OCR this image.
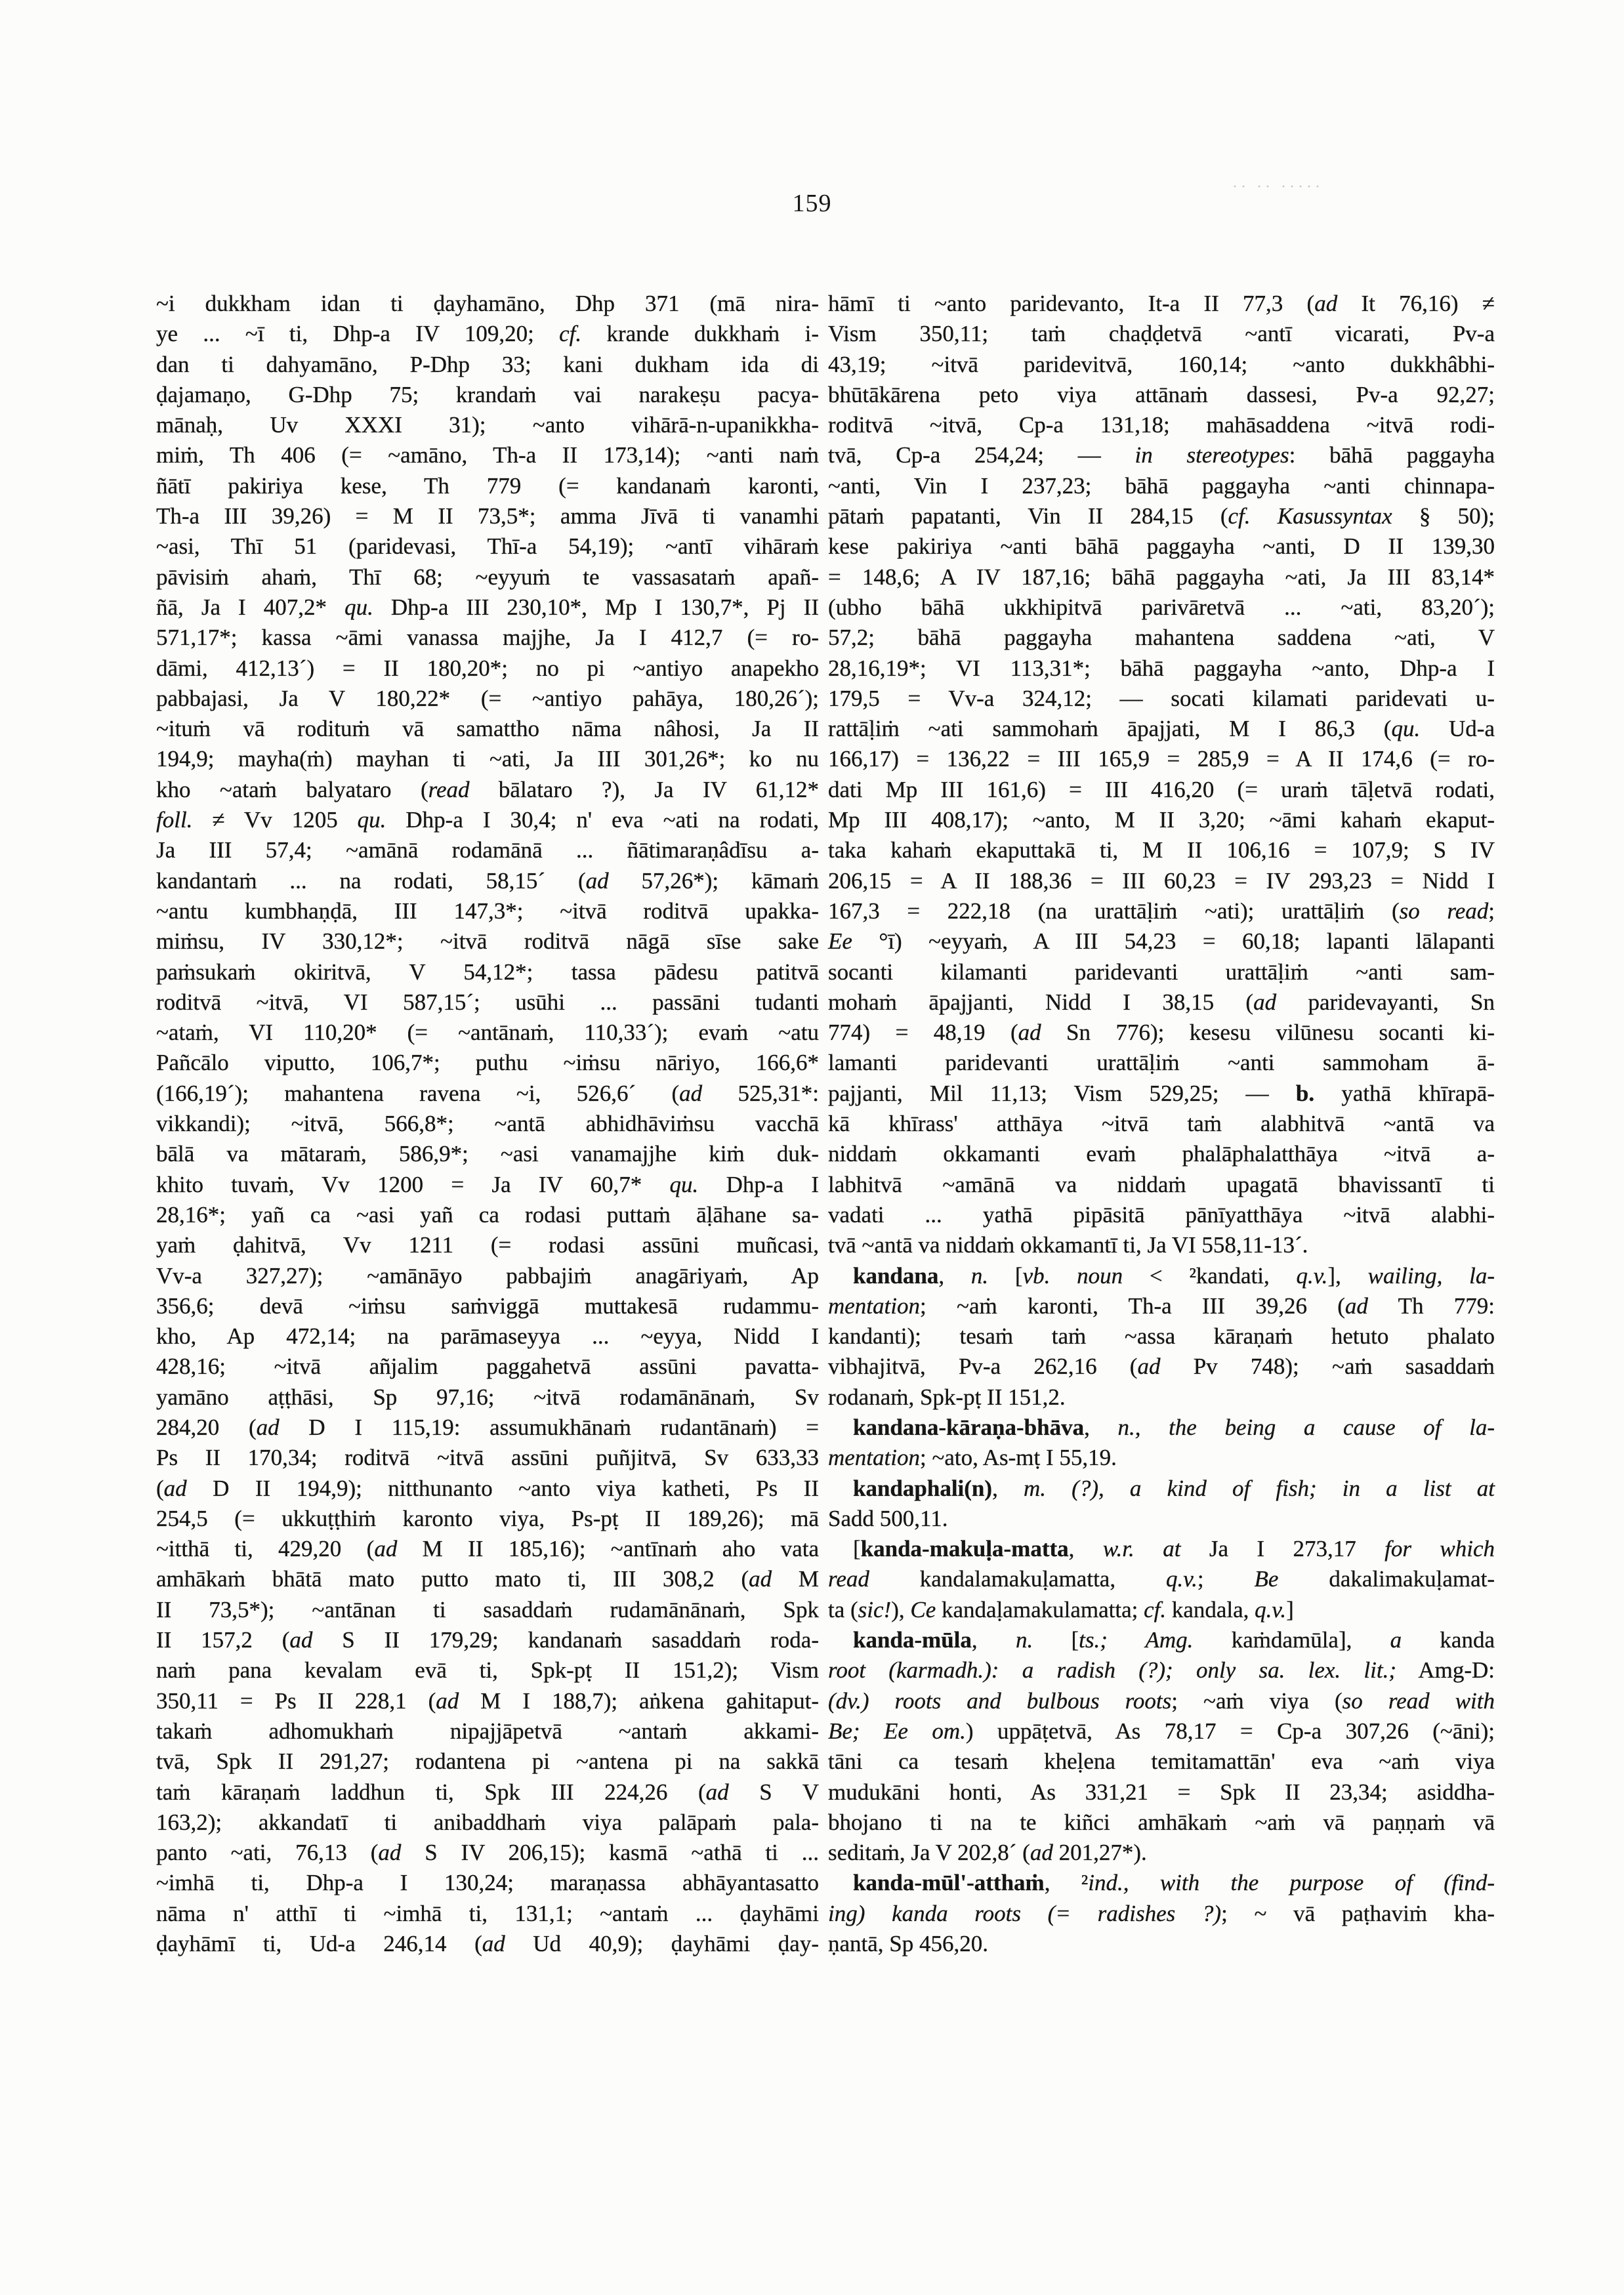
159
·· ·· ·····
~i dukkham idan ti ḍayhamāno, Dhp 371 (mā nira-
ye ... ~ī ti, Dhp-a IV 109,20; cf. krande dukkhaṁ i-
dan ti dahyamāno, P-Dhp 33; kani dukham ida di
ḍajamaṇo, G-Dhp 75; krandaṁ vai narakeṣu pacya-
mānaḥ, Uv XXXI 31); ~anto vihārā-n-upanikkha-
miṁ, Th 406 (= ~amāno, Th-a II 173,14); ~anti naṁ
ñātī pakiriya kese, Th 779 (= kandanaṁ karonti,
Th-a III 39,26) = M II 73,5*; amma Jīvā ti vanamhi
~asi, Thī 51 (paridevasi, Thī-a 54,19); ~antī vihāraṁ
pāvisiṁ ahaṁ, Thī 68; ~eyyuṁ te vassasataṁ apañ-
ñā, Ja I 407,2* qu. Dhp-a III 230,10*, Mp I 130,7*, Pj II
571,17*; kassa ~āmi vanassa majjhe, Ja I 412,7 (= ro-
dāmi, 412,13´) = II 180,20*; no pi ~antiyo anapekho
pabbajasi, Ja V 180,22* (= ~antiyo pahāya, 180,26´);
~ituṁ vā rodituṁ vā samattho nāma nâhosi, Ja II
194,9; mayha(ṁ) mayhan ti ~ati, Ja III 301,26*; ko nu
kho ~ataṁ balyataro (read bālataro ?), Ja IV 61,12*
foll. ≠ Vv 1205 qu. Dhp-a I 30,4; n' eva ~ati na rodati,
Ja III 57,4; ~amānā rodamānā ... ñātimaraṇâdīsu a-
kandantaṁ ... na rodati, 58,15´ (ad 57,26*); kāmaṁ
~antu kumbhaṇḍā, III 147,3*; ~itvā roditvā upakka-
miṁsu, IV 330,12*; ~itvā roditvā nāgā sīse sake
paṁsukaṁ okiritvā, V 54,12*; tassa pādesu patitvā
roditvā ~itvā, VI 587,15´; usūhi ... passāni tudanti
~ataṁ, VI 110,20* (= ~antānaṁ, 110,33´); evaṁ ~atu
Pañcālo viputto, 106,7*; puthu ~iṁsu nāriyo, 166,6*
(166,19´); mahantena ravena ~i, 526,6´ (ad 525,31*:
vikkandi); ~itvā, 566,8*; ~antā abhidhāviṁsu vacchā
bālā va mātaraṁ, 586,9*; ~asi vanamajjhe kiṁ duk-
khito tuvaṁ, Vv 1200 = Ja IV 60,7* qu. Dhp-a I
28,16*; yañ ca ~asi yañ ca rodasi puttaṁ āḷāhane sa-
yaṁ ḍahitvā, Vv 1211 (= rodasi assūni muñcasi,
Vv-a 327,27); ~amānāyo pabbajiṁ anagāriyaṁ, Ap
356,6; devā ~iṁsu saṁviggā muttakesā rudammu-
kho, Ap 472,14; na parāmaseyya ... ~eyya, Nidd I
428,16; ~itvā añjalim paggahetvā assūni pavatta-
yamāno aṭṭhāsi, Sp 97,16; ~itvā rodamānānaṁ, Sv
284,20 (ad D I 115,19: assumukhānaṁ rudantānaṁ) =
Ps II 170,34; roditvā ~itvā assūni puñjitvā, Sv 633,33
(ad D II 194,9); nitthunanto ~anto viya katheti, Ps II
254,5 (= ukkuṭṭhiṁ karonto viya, Ps-pṭ II 189,26); mā
~itthā ti, 429,20 (ad M II 185,16); ~antīnaṁ aho vata
amhākaṁ bhātā mato putto mato ti, III 308,2 (ad M
II 73,5*); ~antānan ti sasaddaṁ rudamānānaṁ, Spk
II 157,2 (ad S II 179,29; kandanaṁ sasaddaṁ roda-
naṁ pana kevalam evā ti, Spk-pṭ II 151,2); Vism
350,11 = Ps II 228,1 (ad M I 188,7); aṅkena gahitaput-
takaṁ adhomukhaṁ nipajjāpetvā ~antaṁ akkami-
tvā, Spk II 291,27; rodantena pi ~antena pi na sakkā
taṁ kāraṇaṁ laddhun ti, Spk III 224,26 (ad S V
163,2); akkandatī ti anibaddhaṁ viya palāpaṁ pala-
panto ~ati, 76,13 (ad S IV 206,15); kasmā ~athā ti ...
~imhā ti, Dhp-a I 130,24; maraṇassa abhāyantasatto
nāma n' atthī ti ~imhā ti, 131,1; ~antaṁ ... ḍayhāmi
ḍayhāmī ti, Ud-a 246,14 (ad Ud 40,9); ḍayhāmi ḍay-
hāmī ti ~anto paridevanto, It-a II 77,3 (ad It 76,16) ≠
Vism 350,11; taṁ chaḍḍetvā ~antī vicarati, Pv-a
43,19; ~itvā paridevitvā, 160,14; ~anto dukkhâbhi-
bhūtākārena peto viya attānaṁ dassesi, Pv-a 92,27;
roditvā ~itvā, Cp-a 131,18; mahāsaddena ~itvā rodi-
tvā, Cp-a 254,24; — in stereotypes: bāhā paggayha
~anti, Vin I 237,23; bāhā paggayha ~anti chinnapa-
pātaṁ papatanti, Vin II 284,15 (cf. Kasussyntax § 50);
kese pakiriya ~anti bāhā paggayha ~anti, D II 139,30
= 148,6; A IV 187,16; bāhā paggayha ~ati, Ja III 83,14*
(ubho bāhā ukkhipitvā parivāretvā ... ~ati, 83,20´);
57,2; bāhā paggayha mahantena saddena ~ati, V
28,16,19*; VI 113,31*; bāhā paggayha ~anto, Dhp-a I
179,5 = Vv-a 324,12; — socati kilamati paridevati u-
rattāḷiṁ ~ati sammohaṁ āpajjati, M I 86,3 (qu. Ud-a
166,17) = 136,22 = III 165,9 = 285,9 = A II 174,6 (= ro-
dati Mp III 161,6) = III 416,20 (= uraṁ tāḷetvā rodati,
Mp III 408,17); ~anto, M II 3,20; ~āmi kahaṁ ekaput-
taka kahaṁ ekaputtakā ti, M II 106,16 = 107,9; S IV
206,15 = A II 188,36 = III 60,23 = IV 293,23 = Nidd I
167,3 = 222,18 (na urattāḷiṁ ~ati); urattāḷiṁ (so read;
Ee °ī) ~eyyaṁ, A III 54,23 = 60,18; lapanti lālapanti
socanti kilamanti paridevanti urattāḷiṁ ~anti sam-
mohaṁ āpajjanti, Nidd I 38,15 (ad paridevayanti, Sn
774) = 48,19 (ad Sn 776); kesesu vilūnesu socanti ki-
lamanti paridevanti urattāḷiṁ ~anti sammoham ā-
pajjanti, Mil 11,13; Vism 529,25; — b. yathā khīrapā-
kā khīrass' atthāya ~itvā taṁ alabhitvā ~antā va
niddaṁ okkamanti evaṁ phalāphalatthāya ~itvā a-
labhitvā ~amānā va niddaṁ upagatā bhavissantī ti
vadati ... yathā pipāsitā pānīyatthāya ~itvā alabhi-
tvā ~antā va niddaṁ okkamantī ti, Ja VI 558,11-13´.
kandana, n. [vb. noun < ²kandati, q.v.], wailing, la-
mentation; ~aṁ karonti, Th-a III 39,26 (ad Th 779:
kandanti); tesaṁ taṁ ~assa kāraṇaṁ hetuto phalato
vibhajitvā, Pv-a 262,16 (ad Pv 748); ~aṁ sasaddaṁ
rodanaṁ, Spk-pṭ II 151,2.
kandana-kāraṇa-bhāva, n., the being a cause of la-
mentation; ~ato, As-mṭ I 55,19.
kandaphali(n), m. (?), a kind of fish; in a list at
Sadd 500,11.
[kanda-makuḷa-matta, w.r. at Ja I 273,17 for which
read kandalamakuḷamatta, q.v.; Be dakalimakuḷamat-
ta (sic!), Ce kandaḷamakulamatta; cf. kandala, q.v.]
kanda-mūla, n. [ts.; Amg. kaṁdamūla], a kanda
root (karmadh.): a radish (?); only sa. lex. lit.; Amg-D:
(dv.) roots and bulbous roots; ~aṁ viya (so read with
Be; Ee om.) uppāṭetvā, As 78,17 = Cp-a 307,26 (~āni);
tāni ca tesaṁ kheḷena temitamattān' eva ~aṁ viya
mudukāni honti, As 331,21 = Spk II 23,34; asiddha-
bhojano ti na te kiñci amhākaṁ ~aṁ vā paṇṇaṁ vā
seditaṁ, Ja V 202,8´ (ad 201,27*).
kanda-mūl'-atthaṁ, ²ind., with the purpose of (find-
ing) kanda roots (= radishes ?); ~ vā paṭhaviṁ kha-
ṇantā, Sp 456,20.
